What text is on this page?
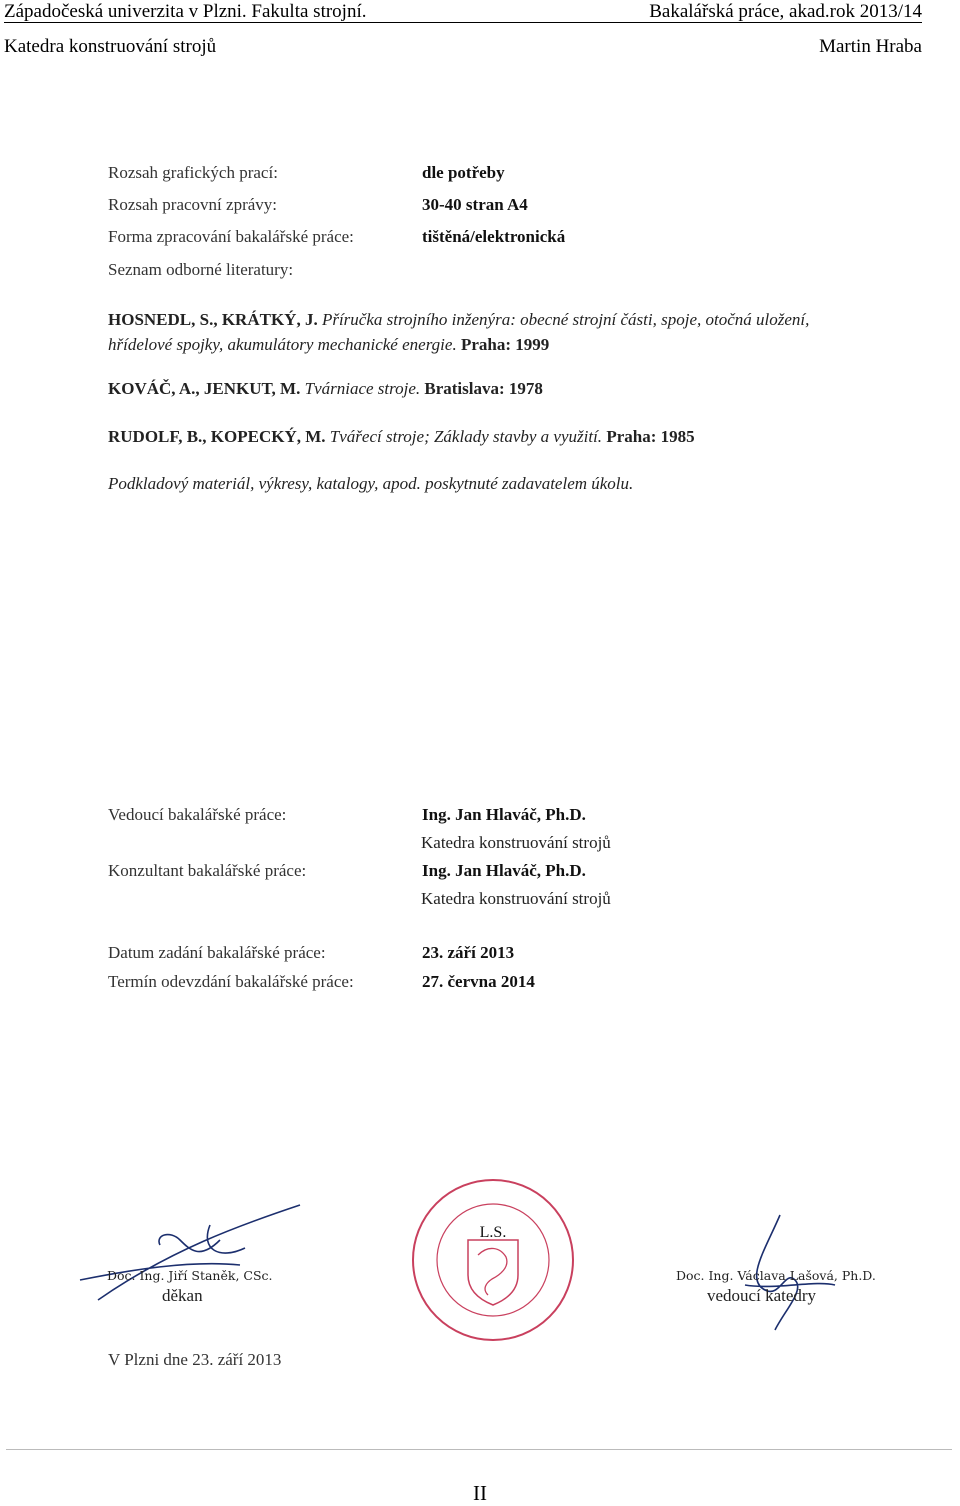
Západočeská univerzita v Plzni. Fakulta strojní.	Bakalářská práce, akad.rok 2013/14
Katedra konstruování strojů	Martin Hraba
Rozsah grafických prací:	dle potřeby
Rozsah pracovní zprávy:	30-40 stran A4
Forma zpracování bakalářské práce:	tištěná/elektronická
Seznam odborné literatury:
HOSNEDL, S., KRÁTKÝ, J. Příručka strojního inženýra: obecné strojní části, spoje, otočná uložení, hřídelové spojky, akumulátory mechanické energie. Praha: 1999
KOVÁČ, A., JENKUT, M. Tvárniace stroje. Bratislava: 1978
RUDOLF, B., KOPECKÝ, M. Tvářecí stroje; Základy stavby a využití. Praha: 1985
Podkladový materiál, výkresy, katalogy, apod. poskytnuté zadavatelem úkolu.
Vedoucí bakalářské práce:	Ing. Jan Hlaváč, Ph.D.
Katedra konstruování strojů
Konzultant bakalářské práce:	Ing. Jan Hlaváč, Ph.D.
Katedra konstruování strojů
Datum zadání bakalářské práce:	23. září 2013
Termín odevzdání bakalářské práce:	27. června 2014
Doc. Ing. Jiří Staněk, CSc.
děkan
L.S.
Doc. Ing. Václava Lašová, Ph.D.
vedoucí katedry
V Plzni dne 23. září 2013
II
